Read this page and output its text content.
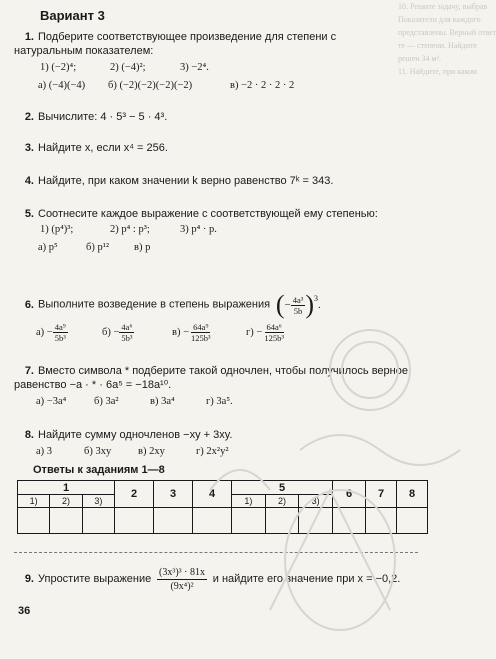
10. Решите задачу, выбрав
Показатели для каждого
представлены. Верный ответ
те — степени. Найдите
решен 34 м².
11. Найдите, при каком
Вариант 3
1. Подберите соответствующее произведение для степени с натуральным показателем:
1) (−2)⁴;	2) (−4)²;	3) −2⁴.
а) (−4)(−4) б) (−2)(−2)(−2)(−2)	в) −2 · 2 · 2 · 2
2. Вычислите: 4 · 5³ − 5 · 4³.
3. Найдите x, если x⁴ = 256.
4. Найдите, при каком значении k верно равенство 7ᵏ = 343.
5. Соотнесите каждое выражение с соответствующей ему степенью:
1) (p⁴)³;	2) p⁴ : p³;	3) p⁴ · p.
а) p⁵	б) p¹² в) p
6. Выполните возведение в степень выражения ( − $\frac{\text{4a³}}{5b} )^3$
.
$а) - \frac{\text{4a⁹}}{\text{5b³}}$	$б) - \frac{\text{4a⁶}}{\text{5b³}}$	$в) - \frac{\text{64a⁹}}{\text{125b³}}$	$г) - \frac{\text{64a⁶}}{\text{125b³}}$
7. Вместо символа * подберите такой одночлен, чтобы получилось верное равенство −a · * · 6a⁵ = −18a¹⁰.
а) −3a⁴	б) 3a²	в) 3a⁴	г) 3a⁵.
8. Найдите сумму одночленов −xy + 3xy.
а) 3	б) 3xy	в) 2xy	г) 2x²y²
Ответы к заданиям 1—8
1			2	3	4	5			6	7	8
1)	2)	3)				1)	2)	3)			

9. Упростите выражение $\frac{\text{(3x³)³ · 81x}}{\text{(9x⁴)²}}$ и найдите его значение при x = −0,2.
36
